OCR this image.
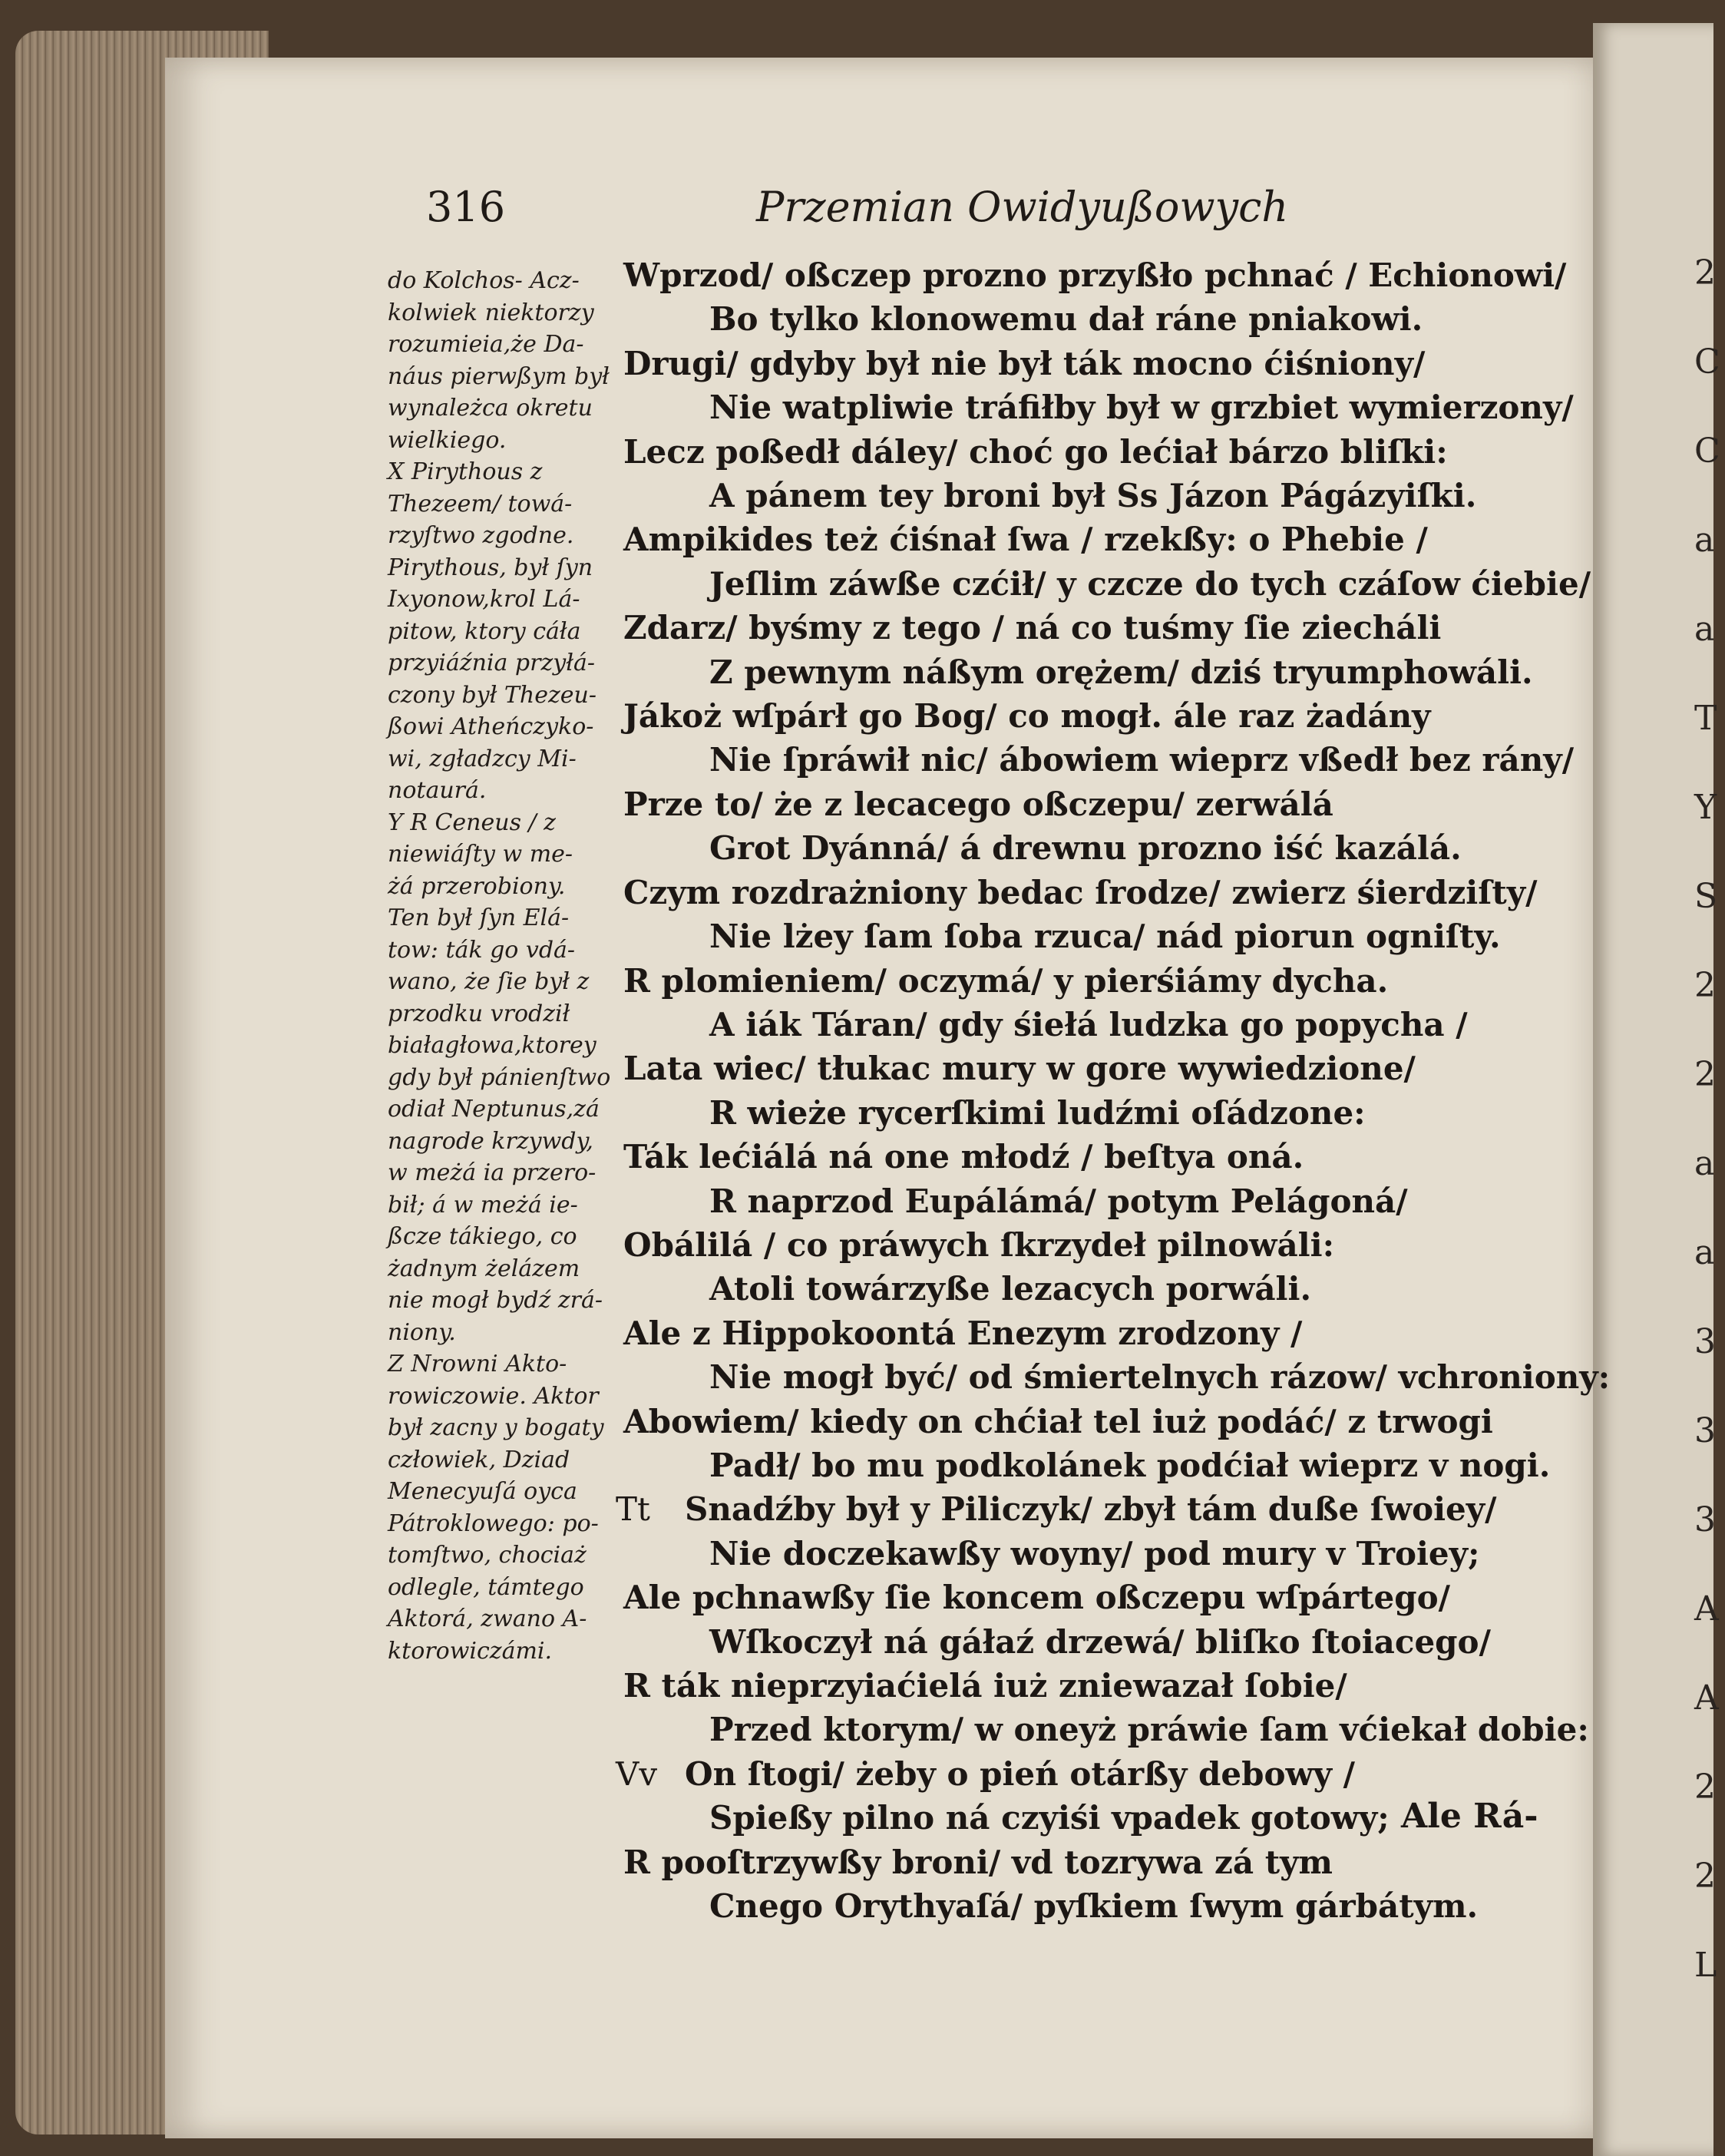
2
C
C
a
a
T
Y
S
2
2
a
a
3
3
3
A
A
2
2
L
316	Przemian Owidyußowych
do Kolchos- Acz-
kolwiek niektorzy
rozumieia,że Da-
náus pierwßym był
wynależca okretu
wielkiego.
X Pirythous z
Thezeem/ towá-
rzyſtwo zgodne.
Pirythous, był ſyn
Ixyonow,krol Lá-
pitow, ktory cáła
przyiáźnia przyłá-
czony był Thezeu-
ßowi Atheńczyko-
wi, zgładzcy Mi-
notaurá.
Y R Ceneus / z
niewiáſty w me-
żá przerobiony.
Ten był ſyn Elá-
tow: ták go vdá-
wano, że ſie był z
przodku vrodził
białagłowa,ktorey
gdy był pánienſtwo
odiał Neptunus,zá
nagrode krzywdy,
w meżá ia przero-
bił; á w meżá ie-
ßcze tákiego, co
żadnym żelázem
nie mogł bydź zrá-
niony.
Z Nrowni Akto-
rowiczowie. Aktor
był zacny y bogaty
człowiek, Dziad
Menecyuſá oyca
Pátroklowego: po-
tomſtwo, chociaż
odlegle, támtego
Aktorá, zwano A-
ktorowiczámi.
Wprzod/ oßczep prozno przyßło pchnać / Echionowi/
Bo tylko klonowemu dał ráne pniakowi.
Drugi/ gdyby był nie był ták mocno ćiśniony/
Nie watpliwie tráfiłby był w grzbiet wymierzony/
Lecz poßedł dáley/ choć go lećiał bárzo bliſki:
A pánem tey broni był Ss Jázon Págázyiſki.
Ampikides też ćiśnał ſwa / rzekßy: o Phebie /
Jeſlim záwße czćił/ y czcze do tych czáſow ćiebie/
Zdarz/ byśmy z tego / ná co tuśmy ſie ziecháli
Z pewnym náßym orężem/ dziś tryumphowáli.
Jákoż wſpárł go Bog/ co mogł. ále raz żadány
Nie ſpráwił nic/ ábowiem wieprz vßedł bez rány/
Prze to/ że z lecacego oßczepu/ zerwálá
Grot Dyánná/ á drewnu prozno iść kazálá.
Czym rozdrażniony bedac ſrodze/ zwierz śierdziſty/
Nie lżey ſam ſoba rzuca/ nád piorun ogniſty.
R plomieniem/ oczymá/ y pierśiámy dycha.
A iák Táran/ gdy śiełá ludzka go popycha /
Lata wiec/ tłukac mury w gore wywiedzione/
R wieże rycerſkimi ludźmi oſádzone:
Ták lećiálá ná one młodź / beſtya oná.
R naprzod Eupálámá/ potym Pelágoná/
Obálilá / co práwych ſkrzydeł pilnowáli:
Atoli towárzyße lezacych porwáli.
Ale z Hippokoontá Enezym zrodzony /
Nie mogł być/ od śmiertelnych rázow/ vchroniony:
Abowiem/ kiedy on chćiał tel iuż podáć/ z trwogi
Padł/ bo mu podkolánek podćiał wieprz v nogi.
Tt Snadźby był y Piliczyk/ zbył tám duße ſwoiey/
Nie doczekawßy woyny/ pod mury v Troiey;
Ale pchnawßy ſie koncem oßczepu wſpártego/
Wſkoczył ná gáłaź drzewá/ bliſko ſtoiacego/
R ták nieprzyiaćielá iuż zniewazał ſobie/
Przed ktorym/ w oneyż práwie ſam vćiekał dobie:
Vv On ſtogi/ żeby o pień otárßy debowy /
Spießy pilno ná czyiśi vpadek gotowy;
R pooſtrzywßy broni/ vd tozrywa zá tym
Cnego Orythyaſá/ pyſkiem ſwym gárbátym.
Ale Rá-
